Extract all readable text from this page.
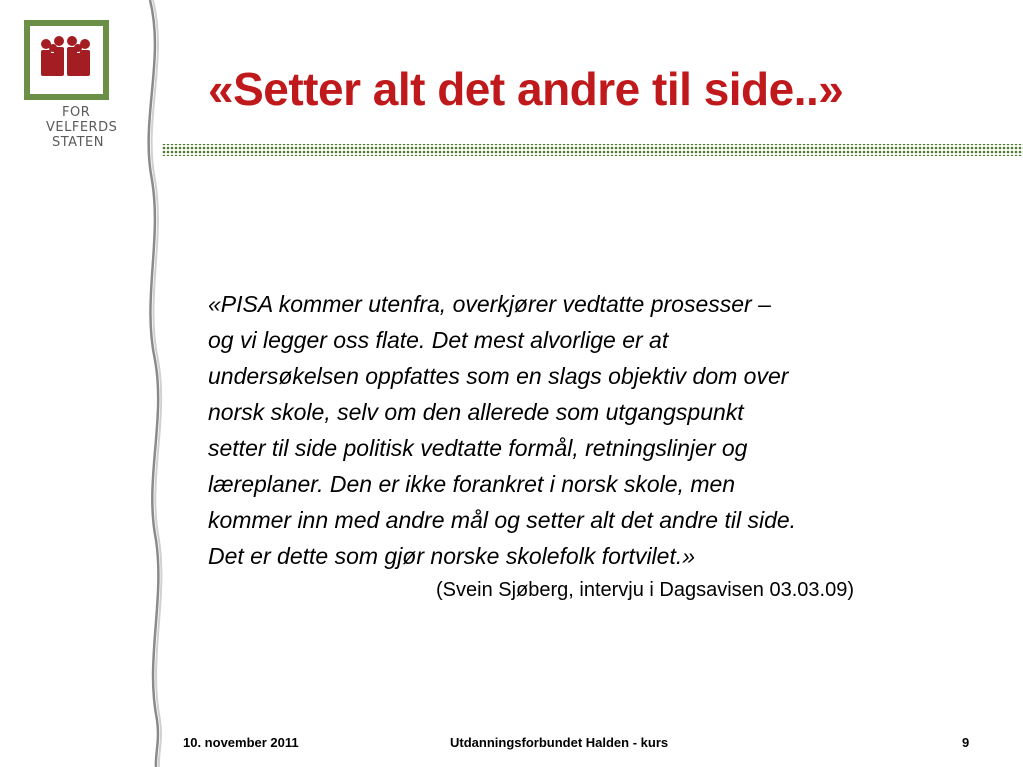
FOR
VELFERDS
STATEN
«Setter alt det andre til side..»
«PISA kommer utenfra, overkjører vedtatte prosesser –
og vi legger oss flate. Det mest alvorlige er at
undersøkelsen oppfattes som en slags objektiv dom over
norsk skole, selv om den allerede som utgangspunkt
setter til side politisk vedtatte formål, retningslinjer og
læreplaner. Den er ikke forankret i norsk skole, men
kommer inn med andre mål og setter alt det andre til side.
Det er dette som gjør norske skolefolk fortvilet.»
(Svein Sjøberg, intervju i Dagsavisen 03.03.09)
10. november 2011	Utdanningsforbundet Halden - kurs	9
